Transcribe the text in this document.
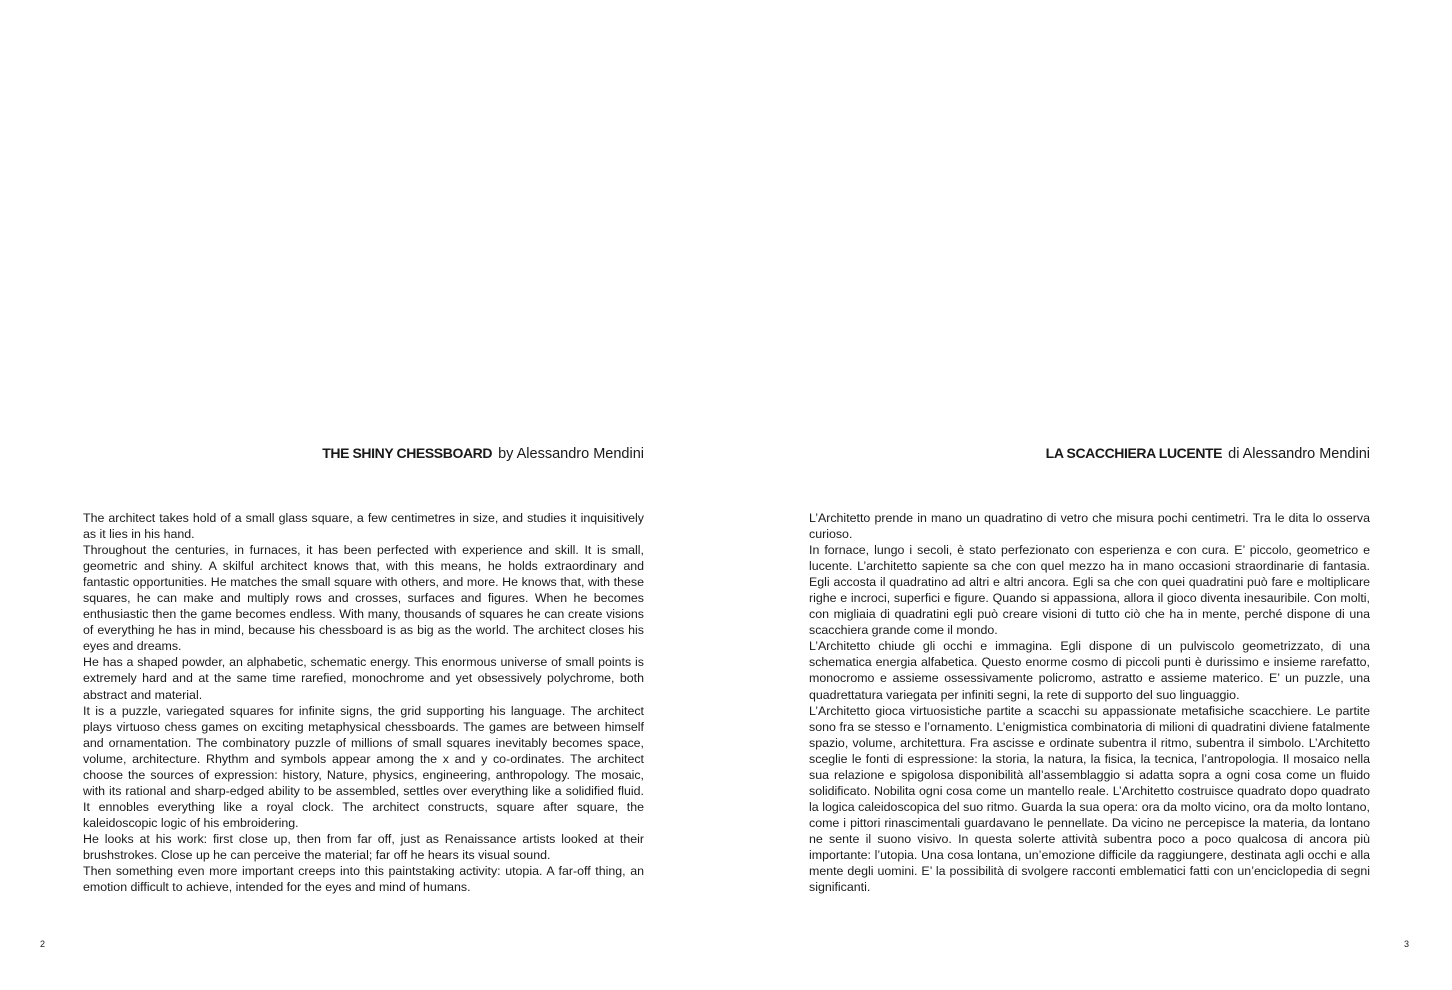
THE SHINY CHESSBOARD by Alessandro Mendini

The architect takes hold of a small glass square, a few centimetres in size, and studies it inquisitively as it lies in his hand.

Throughout the centuries, in furnaces, it has been perfected with experience and skill. It is small, geometric and shiny. A skilful architect knows that, with this means, he holds extraordinary and fantastic opportunities. He matches the small square with others, and more. He knows that, with these squares, he can make and multiply rows and crosses, surfaces and figures. When he becomes enthusiastic then the game becomes endless. With many, thousands of squares he can create visions of everything he has in mind, because his chessboard is as big as the world. The architect closes his eyes and dreams.

He has a shaped powder, an alphabetic, schematic energy. This enormous universe of small points is extremely hard and at the same time rarefied, monochrome and yet obsessively polychrome, both abstract and material.

It is a puzzle, variegated squares for infinite signs, the grid supporting his language. The architect plays virtuoso chess games on exciting metaphysical chessboards. The games are between himself and ornamentation. The combinatory puzzle of millions of small squares inevitably becomes space, volume, architecture. Rhythm and symbols appear among the x and y co-ordinates. The architect choose the sources of expression: history, Nature, physics, engineering, anthropology. The mosaic, with its rational and sharp-edged ability to be assembled, settles over everything like a solidified fluid. It ennobles everything like a royal clock. The architect constructs, square after square, the kaleidoscopic logic of his embroidering.

He looks at his work: first close up, then from far off, just as Renaissance artists looked at their brushstrokes. Close up he can perceive the material; far off he hears its visual sound.

Then something even more important creeps into this paintstaking activity: utopia. A far-off thing, an emotion difficult to achieve, intended for the eyes and mind of humans.

2
LA SCACCHIERA LUCENTE di Alessandro Mendini

L’Architetto prende in mano un quadratino di vetro che misura pochi centimetri. Tra le dita lo osserva curioso.

In fornace, lungo i secoli, è stato perfezionato con esperienza e con cura. E’ piccolo, geometrico e lucente. L’architetto sapiente sa che con quel mezzo ha in mano occasioni straordinarie di fantasia. Egli accosta il quadratino ad altri e altri ancora. Egli sa che con quei quadratini può fare e moltiplicare righe e incroci, superfici e figure. Quando si appassiona, allora il gioco diventa inesauribile. Con molti, con migliaia di quadratini egli può creare visioni di tutto ciò che ha in mente, perché dispone di una scacchiera grande come il mondo.

L’Architetto chiude gli occhi e immagina. Egli dispone di un pulviscolo geometrizzato, di una schematica energia alfabetica. Questo enorme cosmo di piccoli punti è durissimo e insieme rarefatto, monocromo e assieme ossessivamente policromo, astratto e assieme materico. E’ un puzzle, una quadrettatura variegata per infiniti segni, la rete di supporto del suo linguaggio.

L’Architetto gioca virtuosistiche partite a scacchi su appassionate metafisiche scacchiere. Le partite sono fra se stesso e l’ornamento. L’enigmistica combinatoria di milioni di quadratini diviene fatalmente spazio, volume, architettura. Fra ascisse e ordinate subentra il ritmo, subentra il simbolo. L’Architetto sceglie le fonti di espressione: la storia, la natura, la fisica, la tecnica, l’antropologia. Il mosaico nella sua relazione e spigolosa disponibilità all’assemblaggio si adatta sopra a ogni cosa come un fluido solidificato. Nobilita ogni cosa come un mantello reale. L’Architetto costruisce quadrato dopo quadrato la logica caleidoscopica del suo ritmo. Guarda la sua opera: ora da molto vicino, ora da molto lontano, come i pittori rinascimentali guardavano le pennellate. Da vicino ne percepisce la materia, da lontano ne sente il suono visivo. In questa solerte attività subentra poco a poco qualcosa di ancora più importante: l’utopia. Una cosa lontana, un’emozione difficile da raggiungere, destinata agli occhi e alla mente degli uomini. E’ la possibilità di svolgere racconti emblematici fatti con un’enciclopedia di segni significanti.

3
